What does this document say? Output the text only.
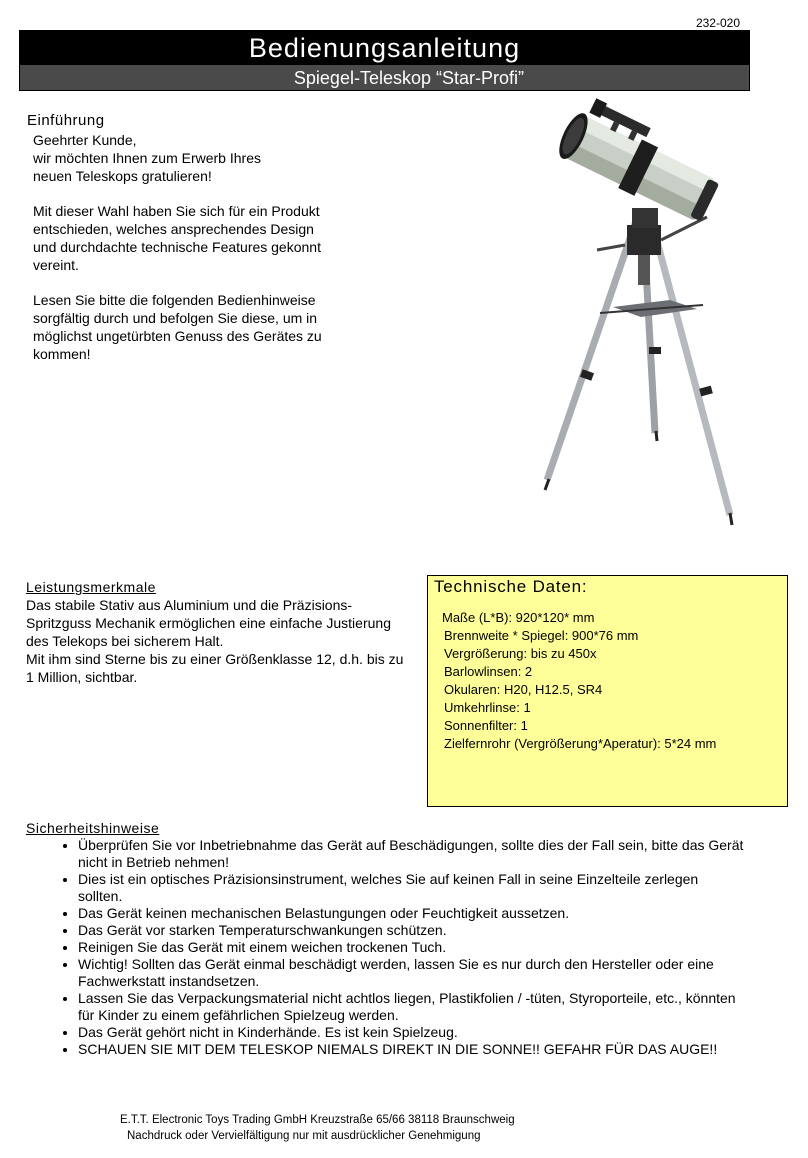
232-020
Bedienungsanleitung
Spiegel-Teleskop “Star-Profi”
Einführung

Geehrter Kunde,
wir möchten Ihnen zum Erwerb Ihres
neuen Teleskops gratulieren!

Mit dieser Wahl haben Sie sich für ein Produkt
entschieden, welches ansprechendes Design
und durchdachte technische Features gekonnt
vereint.

Lesen Sie bitte die folgenden Bedienhinweise
sorgfältig durch und befolgen Sie diese, um in
möglichst ungetürbten Genuss des Gerätes zu
kommen!

Leistungsmerkmale

Das stabile Stativ aus Aluminium und die Präzisions-
Spritzguss Mechanik ermöglichen eine einfache Justierung
des Telekops bei sicherem Halt.
Mit ihm sind Sterne bis zu einer Größenklasse 12, d.h. bis zu
1 Million, sichtbar.

Technische Daten:
Maße (L*B): 920*120* mm
Brennweite * Spiegel: 900*76 mm
Vergrößerung: bis zu 450x
Barlowlinsen: 2
Okularen: H20, H12.5, SR4
Umkehrlinse: 1
Sonnenfilter: 1
Zielfernrohr (Vergrößerung*Aperatur): 5*24 mm
Sicherheitshinweise
• Überprüfen Sie vor Inbetriebnahme das Gerät auf Beschädigungen, sollte dies der Fall sein, bitte das Gerät nicht in Betrieb nehmen!
• Dies ist ein optisches Präzisionsinstrument, welches Sie auf keinen Fall in seine Einzelteile zerlegen sollten.
• Das Gerät keinen mechanischen Belastungungen oder Feuchtigkeit aussetzen.
• Das Gerät vor starken Temperaturschwankungen schützen.
• Reinigen Sie das Gerät mit einem weichen trockenen Tuch.
• Wichtig! Sollten das Gerät einmal beschädigt werden, lassen Sie es nur durch den Hersteller oder eine Fachwerkstatt instandsetzen.
• Lassen Sie das Verpackungsmaterial nicht achtlos liegen, Plastikfolien / -tüten, Styroporteile, etc., könnten für Kinder zu einem gefährlichen Spielzeug werden.
• Das Gerät gehört nicht in Kinderhände. Es ist kein Spielzeug.
• SCHAUEN SIE MIT DEM TELESKOP NIEMALS DIREKT IN DIE SONNE!! GEFAHR FÜR DAS AUGE!!
E.T.T. Electronic Toys Trading GmbH Kreuzstraße 65/66 38118 Braunschweig
Nachdruck oder Vervielfältigung nur mit ausdrücklicher Genehmigung
